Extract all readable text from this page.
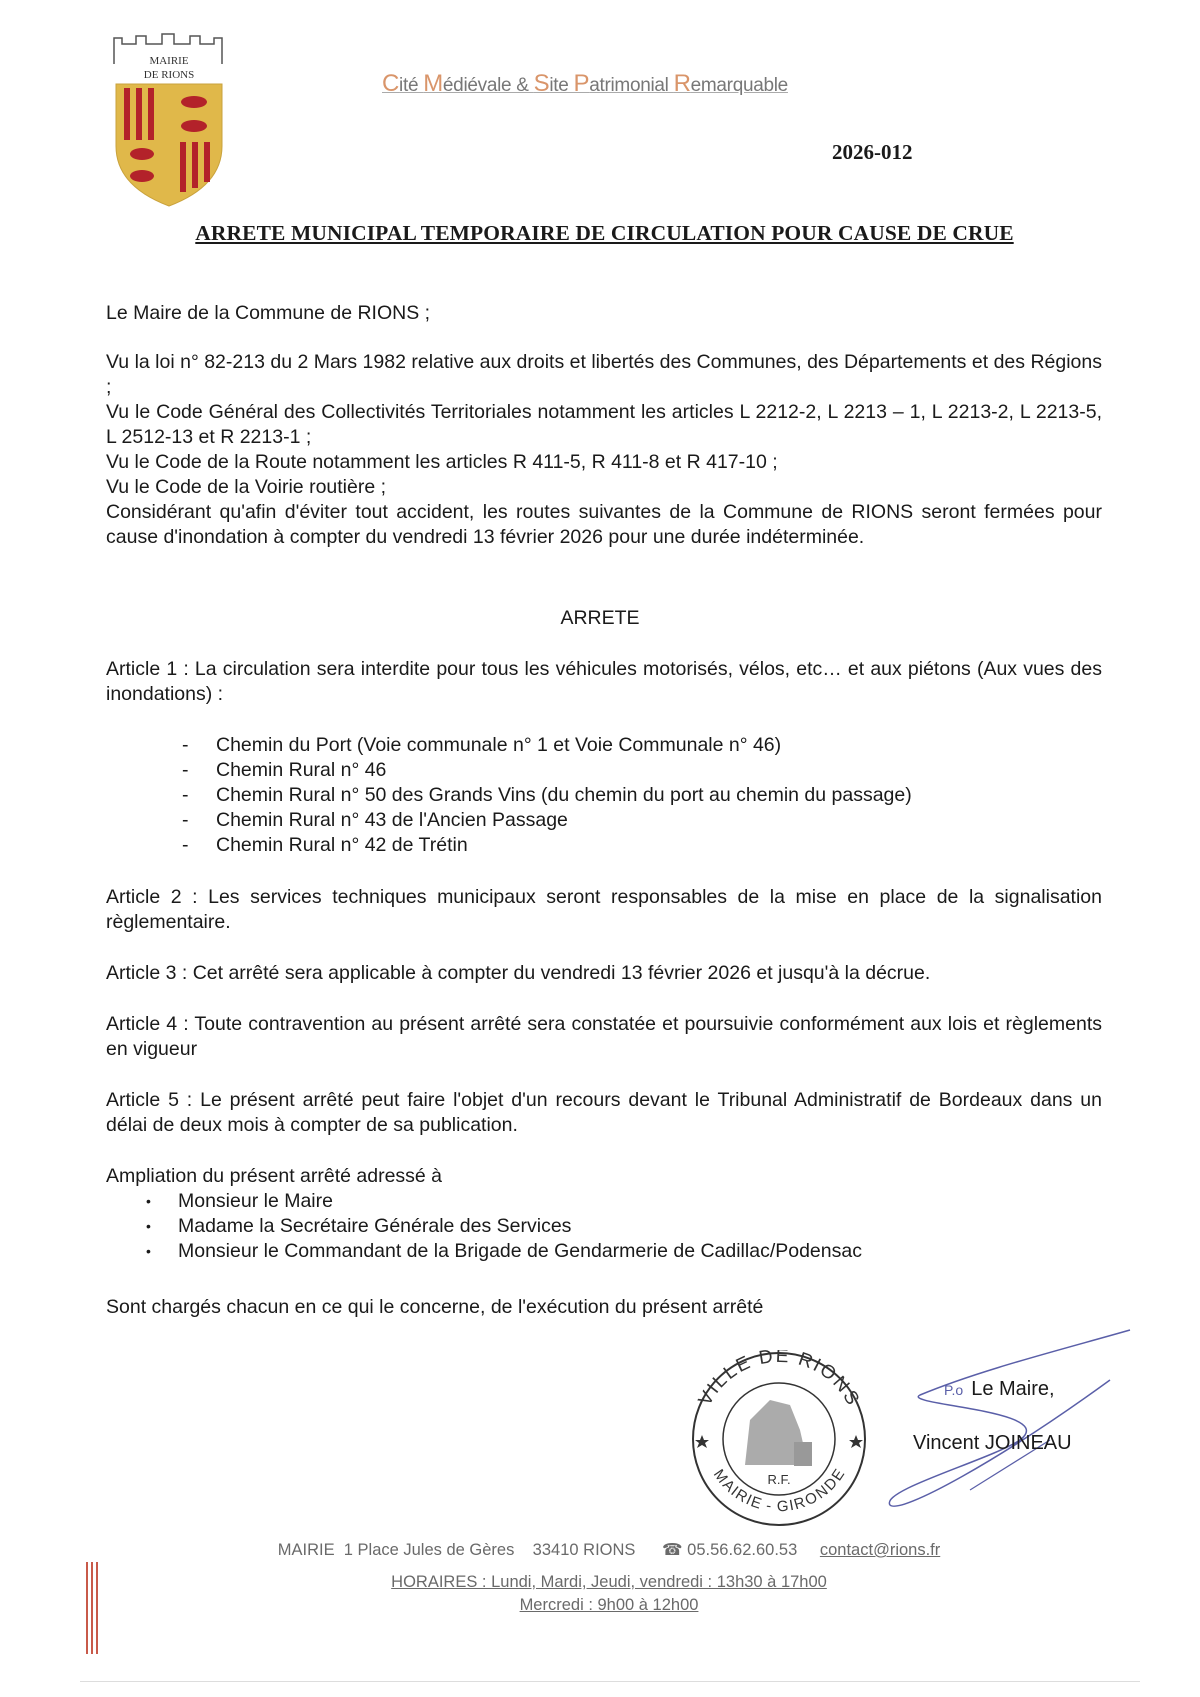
MAIRIE
DE RIONS	Cité Médiévale & Site Patrimonial Remarquable
2026-012
ARRETE MUNICIPAL TEMPORAIRE DE CIRCULATION POUR CAUSE DE CRUE

Le Maire de la Commune de RIONS ;

Vu la loi n° 82-213 du 2 Mars 1982 relative aux droits et libertés des Communes, des Départements et des Régions ;

Vu le Code Général des Collectivités Territoriales notamment les articles L 2212-2, L 2213 – 1, L 2213-2, L 2213-5, L 2512-13 et R 2213-1 ;

Vu le Code de la Route notamment les articles R 411-5, R 411-8 et R 417-10 ;

Vu le Code de la Voirie routière ;

Considérant qu'afin d'éviter tout accident, les routes suivantes de la Commune de RIONS seront fermées pour cause d'inondation à compter du vendredi 13 février 2026 pour une durée indéterminée.

ARRETE

Article 1 : La circulation sera interdite pour tous les véhicules motorisés, vélos, etc… et aux piétons (Aux vues des inondations) :

- Chemin du Port (Voie communale n° 1 et Voie Communale n° 46)
- Chemin Rural n° 46
- Chemin Rural n° 50 des Grands Vins (du chemin du port au chemin du passage)
- Chemin Rural n° 43 de l'Ancien Passage
- Chemin Rural n° 42 de Trétin

Article 2 : Les services techniques municipaux seront responsables de la mise en place de la signalisation règlementaire.

Article 3 : Cet arrêté sera applicable à compter du vendredi 13 février 2026 et jusqu'à la décrue.

Article 4 : Toute contravention au présent arrêté sera constatée et poursuivie conformément aux lois et règlements en vigueur

Article 5 : Le présent arrêté peut faire l'objet d'un recours devant le Tribunal Administratif de Bordeaux dans un délai de deux mois à compter de sa publication.

Ampliation du présent arrêté adressé à

• Monsieur le Maire
• Madame la Secrétaire Générale des Services
• Monsieur le Commandant de la Brigade de Gendarmerie de Cadillac/Podensac

Sont chargés chacun en ce qui le concerne, de l'exécution du présent arrêté

VILLE DE RIONS
MAIRIE - GIRONDE
R.F.
P.o Le Maire,
Vincent JOINEAU
MAIRIE  1 Place Jules de Gères    33410 RIONS ☎ 05.56.62.60.53 contact@rions.fr
HORAIRES : Lundi, Mardi, Jeudi, vendredi : 13h30 à 17h00
Mercredi : 9h00 à 12h00
